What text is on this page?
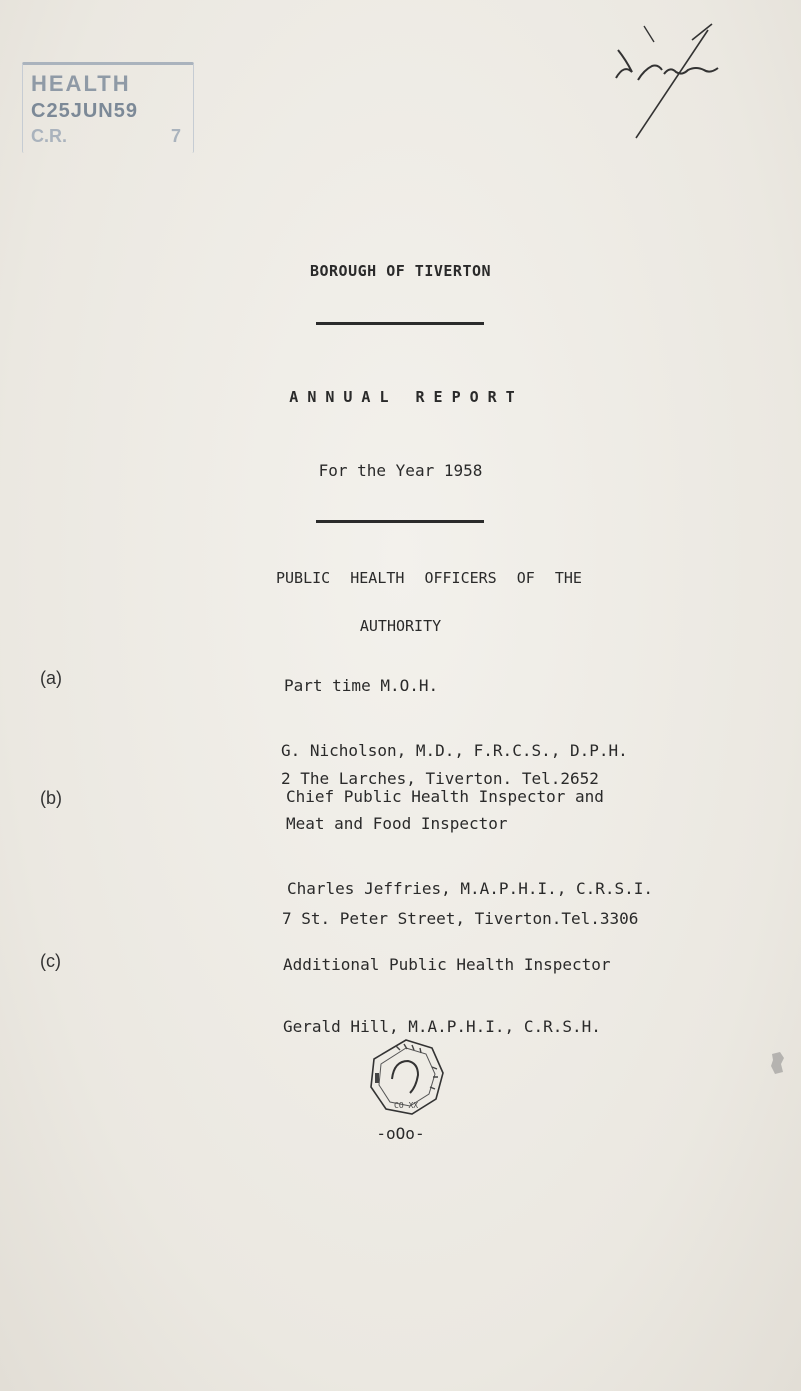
HEALTH
C25JUN59
C.R.	7
BOROUGH OF TIVERTON
ANNUAL REPORT
For the Year 1958
PUBLIC HEALTH OFFICERS OF THE
AUTHORITY
(a)	Part time M.O.H.
G. Nicholson, M.D., F.R.C.S., D.P.H.
2 The Larches, Tiverton. Tel.2652
(b)	Chief Public Health Inspector and
Meat and Food Inspector
Charles Jeffries, M.A.P.H.I., C.R.S.I.
7 St. Peter Street, Tiverton.Tel.3306
(c)	Additional Public Health Inspector
Gerald Hill, M.A.P.H.I., C.R.S.H.
CO XX
-oOo-
